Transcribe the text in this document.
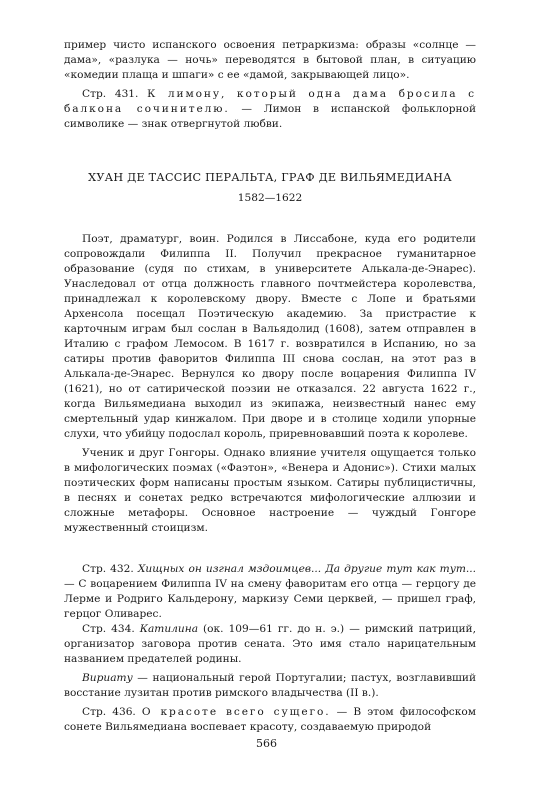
пример чисто испанского освоения петраркизма: образы «солнце — дама», «разлука — ночь» переводятся в бытовой план, в ситуацию «комедии плаща и шпаги» с ее «дамой, закрывающей лицо».

Стр. 431. К лимону, который одна дама бросила с балкона сочинителю. — Лимон в испанской фольклорной символике — знак отвергнутой любви.

ХУАН ДЕ ТАССИС ПЕРАЛЬТА, ГРАФ ДЕ ВИЛЬЯМЕДИАНА

1582—1622

Поэт, драматург, воин. Родился в Лиссабоне, куда его родители сопровождали Филиппа II. Получил прекрасное гуманитарное образование (судя по стихам, в университете Алькала-де-Энарес). Унаследовал от отца должность главного почтмейстера королевства, принадлежал к королевскому двору. Вместе с Лопе и братьями Архенсола посещал Поэтическую академию. За пристрастие к карточным играм был сослан в Вальядолид (1608), затем отправлен в Италию с графом Лемосом. В 1617 г. возвратился в Испанию, но за сатиры против фаворитов Филиппа III снова сослан, на этот раз в Алькала-де-Энарес. Вернулся ко двору после воцарения Филиппа IV (1621), но от сатирической поэзии не отказался. 22 августа 1622 г., когда Вильямедиана выходил из экипажа, неизвестный нанес ему смертельный удар кинжалом. При дворе и в столице ходили упорные слухи, что убийцу подослал король, приревновавший поэта к королеве.

Ученик и друг Гонгоры. Однако влияние учителя ощущается только в мифологических поэмах («Фаэтон», «Венера и Адонис»). Стихи малых поэтических форм написаны простым языком. Сатиры публицистичны, в песнях и сонетах редко встречаются мифологические аллюзии и сложные метафоры. Основное настроение — чуждый Гонгоре мужественный стоицизм.

Стр. 432. Хищных он изгнал мздоимцев... Да другие тут как тут...— С воцарением Филиппа IV на смену фаворитам его отца — герцогу де Лерме и Родриго Кальдерону, маркизу Семи церквей, — пришел граф, герцог Оливарес.

Стр. 434. Катилина (ок. 109—61 гг. до н. э.) — римский патриций, организатор заговора против сената. Это имя стало нарицательным названием предателей родины.

Вириату — национальный герой Португалии; пастух, возглавивший восстание лузитан против римского владычества (II в.).

Стр. 436. О красоте всего сущего. — В этом философском сонете Вильямедиана воспевает красоту, создаваемую природой

566
